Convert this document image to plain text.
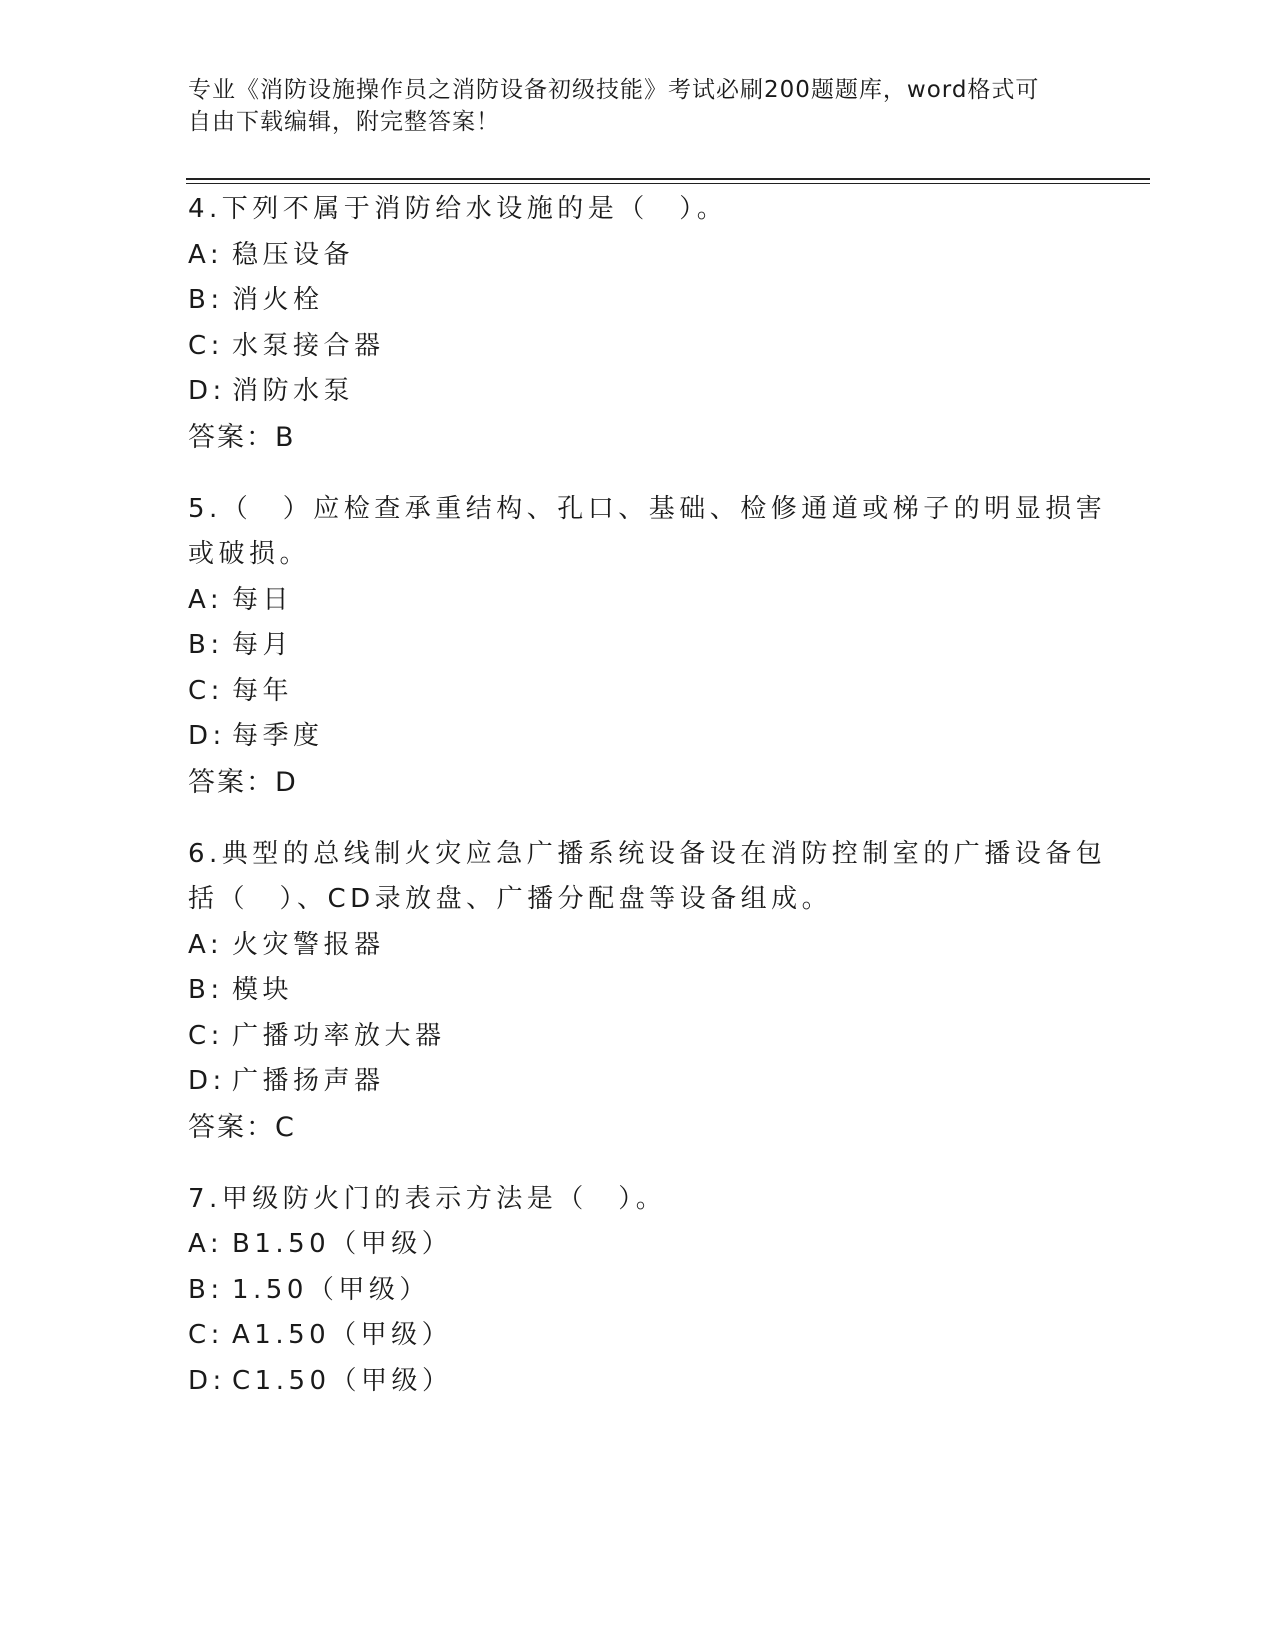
专业《消防设施操作员之消防设备初级技能》考试必刷200题题库，word格式可
自由下载编辑，附完整答案！
4.下列不属于消防给水设施的是（　）。
A: 稳压设备
B: 消火栓
C: 水泵接合器
D: 消防水泵
答案：B
5.（　）应检查承重结构、孔口、基础、检修通道或梯子的明显损害
或破损。
A: 每日
B: 每月
C: 每年
D: 每季度
答案：D
6.典型的总线制火灾应急广播系统设备设在消防控制室的广播设备包
括（　）、CD录放盘、广播分配盘等设备组成。
A: 火灾警报器
B: 模块
C: 广播功率放大器
D: 广播扬声器
答案：C
7.甲级防火门的表示方法是（　）。
A: B1.50（甲级）
B: 1.50（甲级）
C: A1.50（甲级）
D: C1.50（甲级）
